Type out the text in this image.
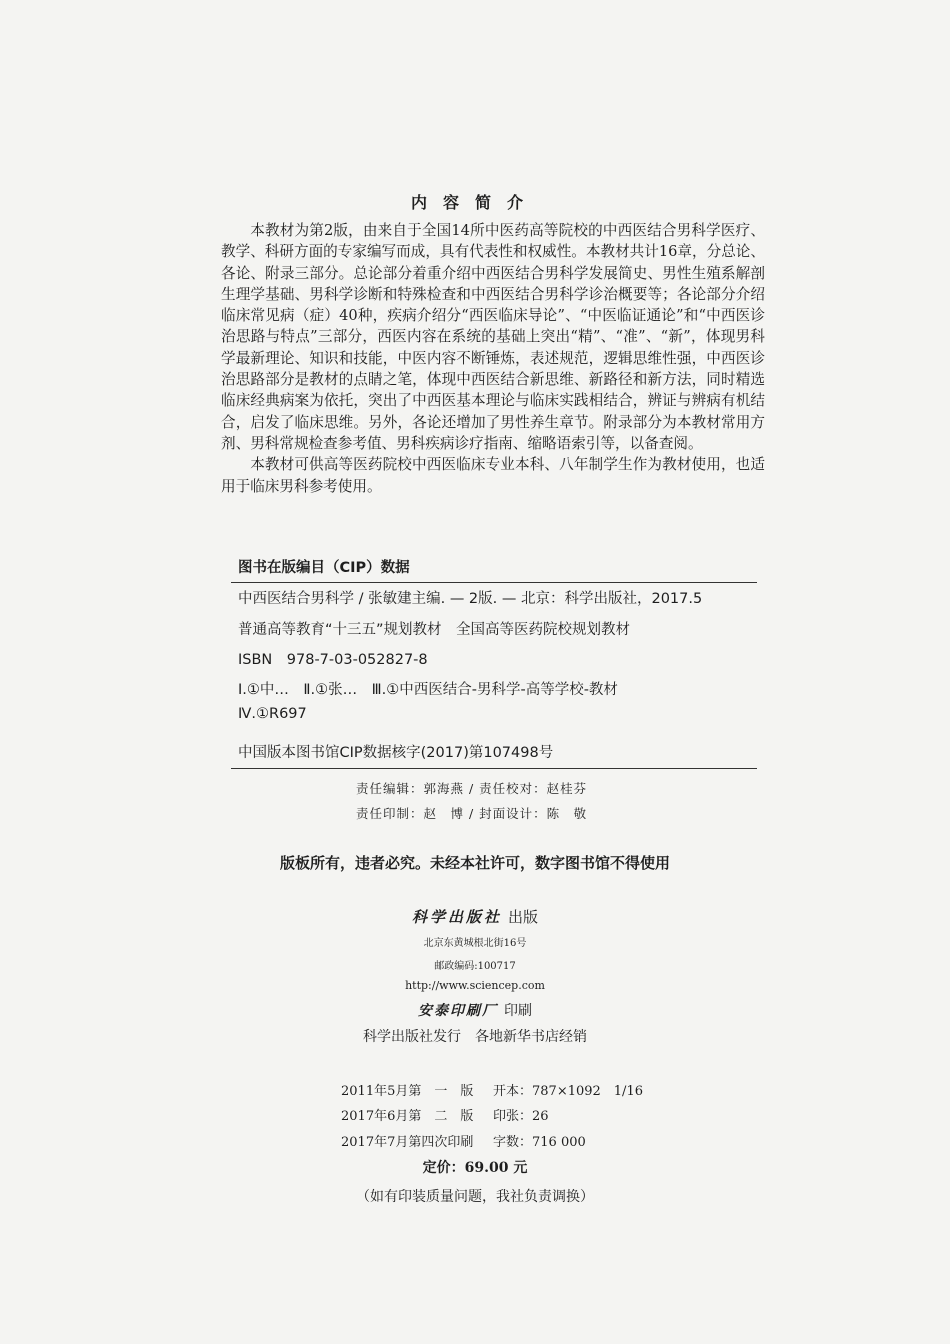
内容简介

本教材为第2版，由来自于全国14所中医药高等院校的中西医结合男科学医疗、教学、科研方面的专家编写而成，具有代表性和权威性。本教材共计16章，分总论、各论、附录三部分。总论部分着重介绍中西医结合男科学发展简史、男性生殖系解剖生理学基础、男科学诊断和特殊检查和中西医结合男科学诊治概要等；各论部分介绍临床常见病（症）40种，疾病介绍分“西医临床导论”、“中医临证通论”和“中西医诊治思路与特点”三部分，西医内容在系统的基础上突出“精”、“准”、“新”，体现男科学最新理论、知识和技能，中医内容不断锤炼，表述规范，逻辑思维性强，中西医诊治思路部分是教材的点睛之笔，体现中西医结合新思维、新路径和新方法，同时精选临床经典病案为依托，突出了中西医基本理论与临床实践相结合，辨证与辨病有机结合，启发了临床思维。另外，各论还增加了男性养生章节。附录部分为本教材常用方剂、男科常规检查参考值、男科疾病诊疗指南、缩略语索引等，以备查阅。

本教材可供高等医药院校中西医临床专业本科、八年制学生作为教材使用，也适用于临床男科参考使用。

图书在版编目（CIP）数据
中西医结合男科学 / 张敏建主编. — 2版. — 北京：科学出版社，2017.5
普通高等教育“十三五”规划教材　全国高等医药院校规划教材
ISBN　978-7-03-052827-8
Ⅰ.①中…　Ⅱ.①张…　Ⅲ.①中西医结合-男科学-高等学校-教材
Ⅳ.①R697
中国版本图书馆CIP数据核字(2017)第107498号
责任编辑：郭海燕 / 责任校对：赵桂芬
责任印制：赵　博 / 封面设计：陈　敬
版板所有，违者必究。未经本社许可，数字图书馆不得使用
科学出版社 出版
北京东黄城根北街16号
邮政编码:100717
http://www.sciencep.com
安泰印刷厂 印刷
科学出版社发行　各地新华书店经销
2011年5月第　一　版 开本：787×1092　1/16
2017年6月第　二　版 印张：26
2017年7月第四次印刷 字数：716 000
定价：69.00 元
（如有印装质量问题，我社负责调换）
